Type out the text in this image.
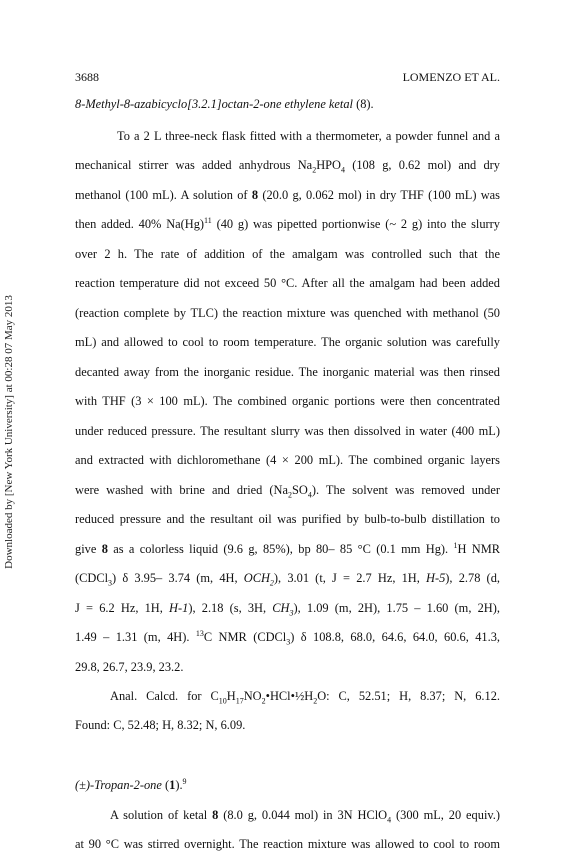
Downloaded by [New York University] at 00:28 07 May 2013
3688	LOMENZO ET AL.
8-Methyl-8-azabicyclo[3.2.1]octan-2-one ethylene ketal (8).
To a 2 L three-neck flask fitted with a thermometer, a powder funnel and a
mechanical stirrer was added anhydrous $Na_2HPO_4$ (108 g, 0.62 mol) and dry
methanol (100 mL). A solution of 8 (20.0 g, 0.062 mol) in dry THF (100 mL) was
then added. 40% $Na(Hg)^{11}$ (40 g) was pipetted portionwise (~ 2 g) into the slurry
over 2 h. The rate of addition of the amalgam was controlled such that the
reaction temperature did not exceed 50 °C. After all the amalgam had been added
(reaction complete by TLC) the reaction mixture was quenched with methanol (50
mL) and allowed to cool to room temperature. The organic solution was carefully
decanted away from the inorganic residue. The inorganic material was then rinsed
with THF (3 × 100 mL). The combined organic portions were then concentrated
under reduced pressure. The resultant slurry was then dissolved in water (400 mL)
and extracted with dichloromethane (4 × 200 mL). The combined organic layers
were washed with brine and dried $(Na_2SO_4)$. The solvent was removed under
reduced pressure and the resultant oil was purified by bulb-to-bulb distillation to
give 8 as a colorless liquid (9.6 g, 85%), bp 80– 85 °C (0.1 mm Hg). $^1$H NMR
(CDCl$_3$) δ 3.95– 3.74 (m, 4H, $OCH_2$), 3.01 (t, J = 2.7 Hz, 1H, H-5), 2.78 (d,
J = 6.2 Hz, 1H, H-1), 2.18 (s, 3H, $CH_3$), 1.09 (m, 2H), 1.75 – 1.60 (m, 2H),
1.49 – 1.31 (m, 4H). $^{13}$C NMR (CDCl$_3$) δ 108.8, 68.0, 64.6, 64.0, 60.6, 41.3,
29.8, 26.7, 23.9, 23.2.
Anal. Calcd. for $C_{10}H_{17}NO_2•HCl•\frac{1}{2}H_2O$: C, 52.51; H, 8.37; N, 6.12.
Found: C, 52.48; H, 8.32; N, 6.09.
(±)-Tropan-2-one (1).$^9$
A solution of ketal 8 (8.0 g, 0.044 mol) in 3N HClO$_4$ (300 mL, 20 equiv.)
at 90 °C was stirred overnight. The reaction mixture was allowed to cool to room
